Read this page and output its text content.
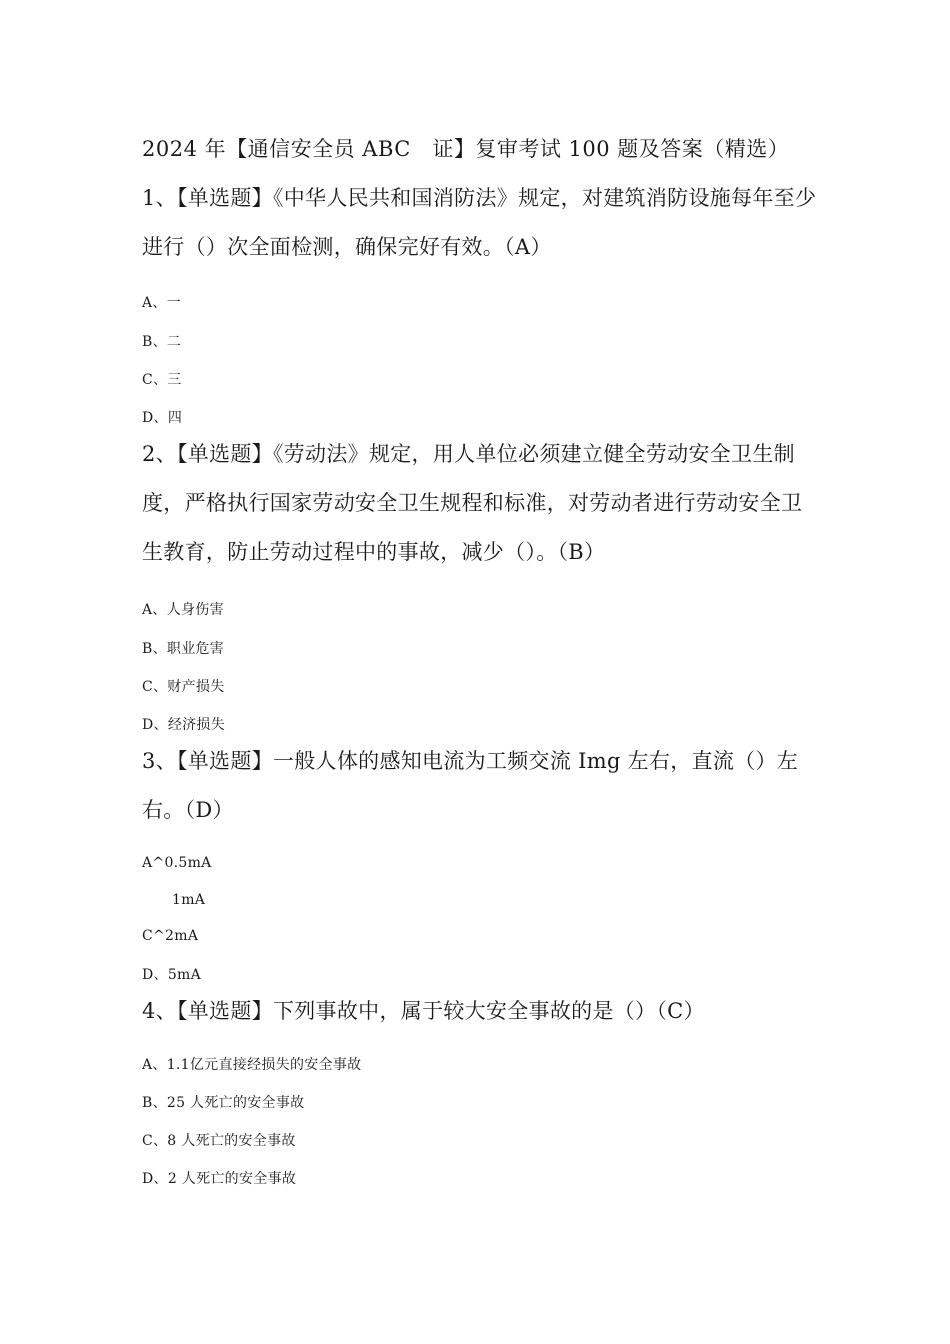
2024 年【通信安全员 ABC　证】复审考试 100 题及答案（精选）
1、【单选题】《中华人民共和国消防法》规定，对建筑消防设施每年至少进行（）次全面检测，确保完好有效。（A）
A、一
B、二
C、三
D、四
2、【单选题】《劳动法》规定，用人单位必须建立健全劳动安全卫生制度，严格执行国家劳动安全卫生规程和标准，对劳动者进行劳动安全卫生教育，防止劳动过程中的事故，减少（）。（B）
A、人身伤害
B、职业危害
C、财产损失
D、经济损失
3、【单选题】一般人体的感知电流为工频交流 Img 左右，直流（）左右。（D）
A^0.5mA
1mA
C^2mA
D、5mA
4、【单选题】下列事故中，属于较大安全事故的是（）（C）
A、1.1亿元直接经损失的安全事故
B、25 人死亡的安全事故
C、8 人死亡的安全事故
D、2 人死亡的安全事故
